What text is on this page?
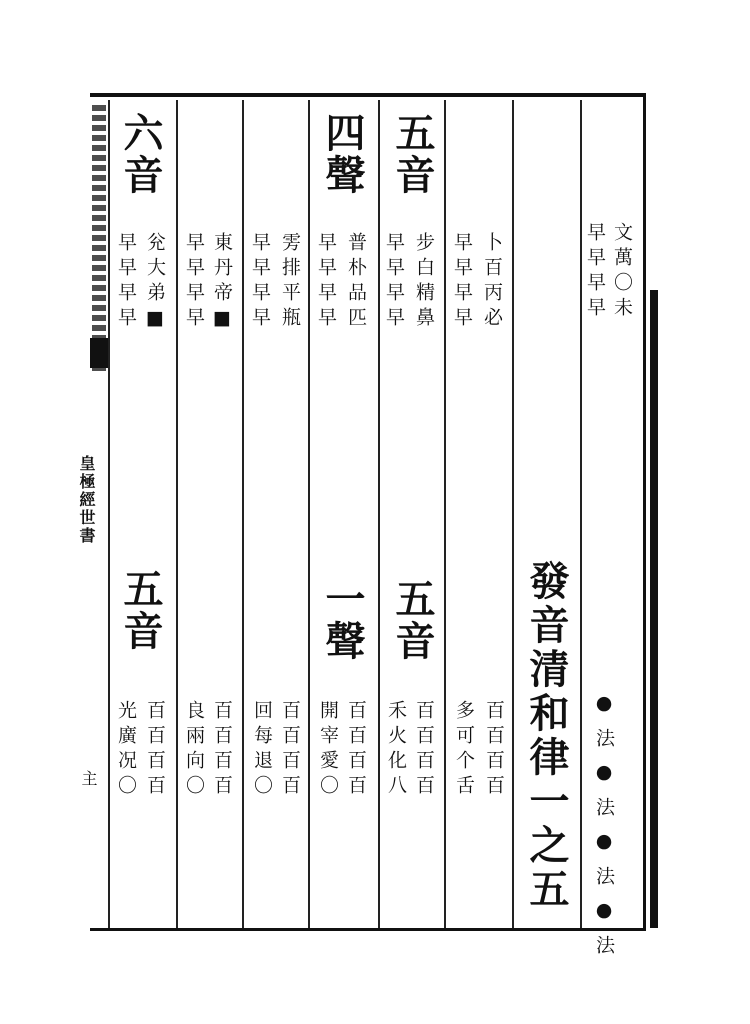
皇極經世書
主
文萬〇未
早早早早
卜百丙必
早早早早
五音
步白精鼻
早早早早
四聲
普朴品匹
早早早早
雱排平瓶
早早早早
東丹帝■
早早早早
六音
兊大弟■
早早早早
發音清和律一之五 ●法●法●法●法
百百百百
多可个舌
五音
百百百百
禾火化八
一聲
百百百百
開宰愛〇
百百百百
回每退〇
百百百百
良兩向〇
五音
百百百百
光廣况〇
